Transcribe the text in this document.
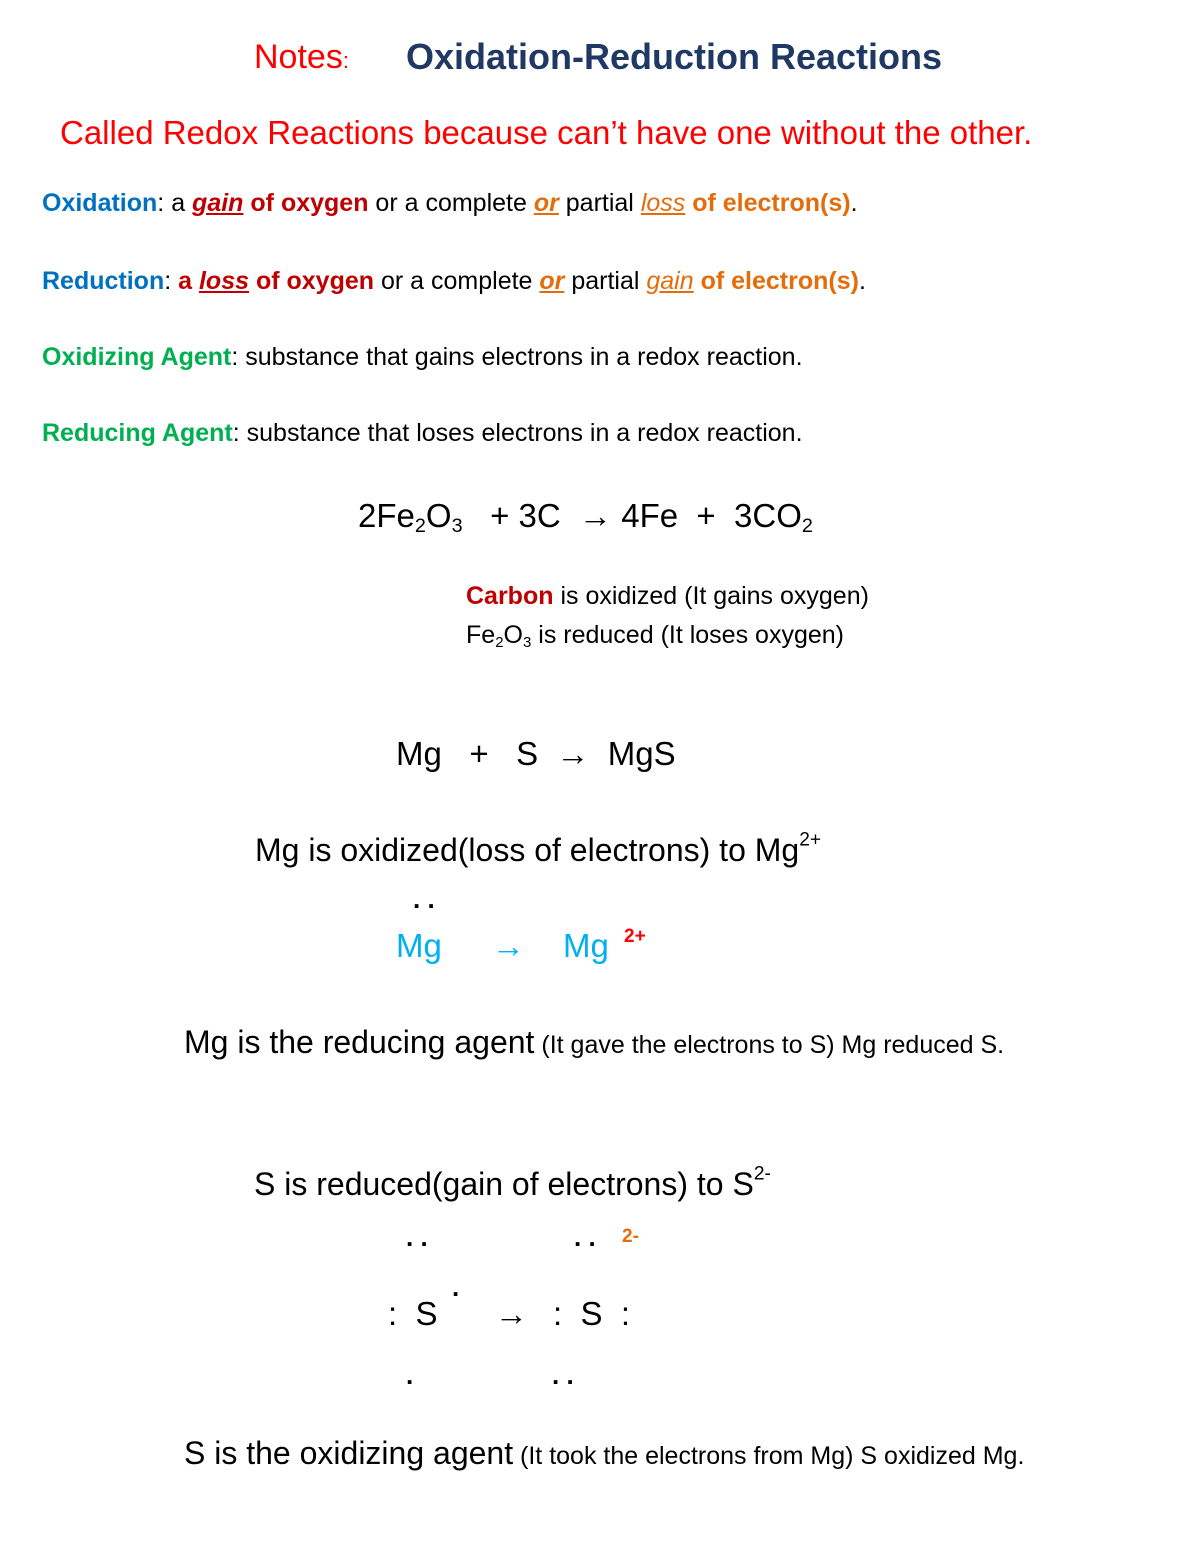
Notes: Oxidation-Reduction Reactions
Called Redox Reactions because can’t have one without the other.
Oxidation: a gain of oxygen or a complete or partial loss of electron(s).
Reduction: a loss of oxygen or a complete or partial gain of electron(s).
Oxidizing Agent: substance that gains electrons in a redox reaction.
Reducing Agent: substance that loses electrons in a redox reaction.
$2Fe_2O_3 + 3C \to 4Fe + 3CO_2$
Carbon is oxidized (It gains oxygen)
$Fe_2O_3$ is reduced (It loses oxygen)
Mg   +   S  →  MgS
Mg is oxidized(loss of electrons) to $Mg^{2+}$
. .
Mg → Mg 2+
Mg is the reducing agent (It gave the electrons to S) Mg reduced S.
S is reduced(gain of electrons) to $S^{2-}$
. .	. . 2-
.
:  S → :  S  :
.	. .
S is the oxidizing agent (It took the electrons from Mg) S oxidized Mg.
